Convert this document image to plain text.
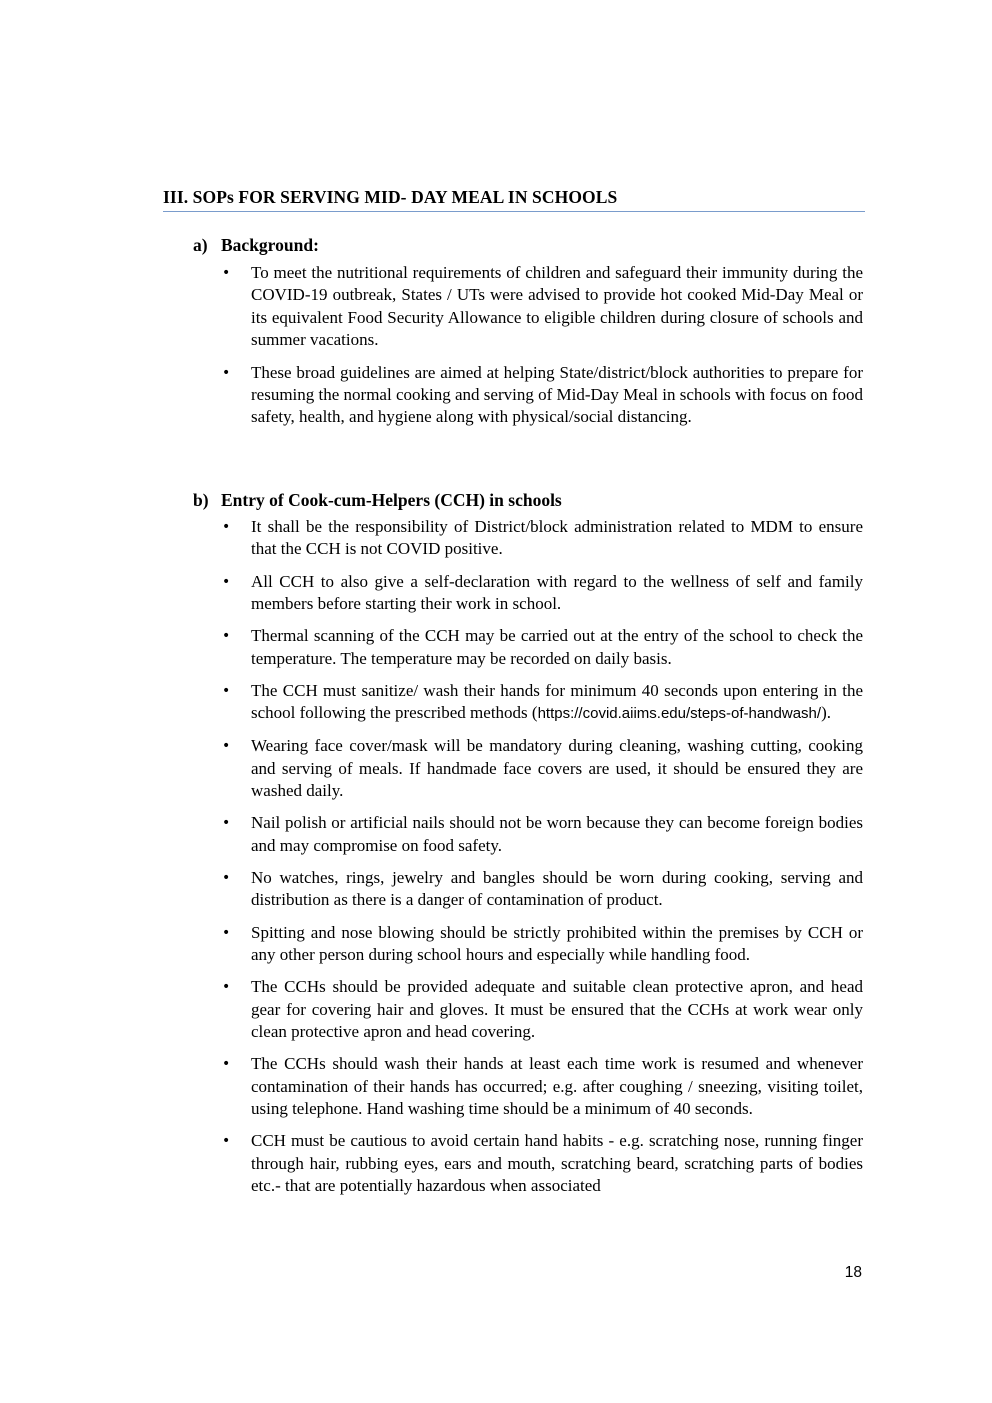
III. SOPs FOR SERVING MID- DAY MEAL IN SCHOOLS
a) Background:
• To meet the nutritional requirements of children and safeguard their immunity during the COVID-19 outbreak, States / UTs were advised to provide hot cooked Mid-Day Meal or its equivalent Food Security Allowance to eligible children during closure of schools and summer vacations.
• These broad guidelines are aimed at helping State/district/block authorities to prepare for resuming the normal cooking and serving of Mid-Day Meal in schools with focus on food safety, health, and hygiene along with physical/social distancing.
b) Entry of Cook-cum-Helpers (CCH) in schools
• It shall be the responsibility of District/block administration related to MDM to ensure that the CCH is not COVID positive.
• All CCH to also give a self-declaration with regard to the wellness of self and family members before starting their work in school.
• Thermal scanning of the CCH may be carried out at the entry of the school to check the temperature. The temperature may be recorded on daily basis.
• The CCH must sanitize/ wash their hands for minimum 40 seconds upon entering in the school following the prescribed methods (https://covid.aiims.edu/steps-of-handwash/).
• Wearing face cover/mask will be mandatory during cleaning, washing cutting, cooking and serving of meals. If handmade face covers are used, it should be ensured they are washed daily.
• Nail polish or artificial nails should not be worn because they can become foreign bodies and may compromise on food safety.
• No watches, rings, jewelry and bangles should be worn during cooking, serving and distribution as there is a danger of contamination of product.
• Spitting and nose blowing should be strictly prohibited within the premises by CCH or any other person during school hours and especially while handling food.
• The CCHs should be provided adequate and suitable clean protective apron, and head gear for covering hair and gloves. It must be ensured that the CCHs at work wear only clean protective apron and head covering.
• The CCHs should wash their hands at least each time work is resumed and whenever contamination of their hands has occurred; e.g. after coughing / sneezing, visiting toilet, using telephone. Hand washing time should be a minimum of 40 seconds.
• CCH must be cautious to avoid certain hand habits - e.g. scratching nose, running finger through hair, rubbing eyes, ears and mouth, scratching beard, scratching parts of bodies etc.- that are potentially hazardous when associated
18
